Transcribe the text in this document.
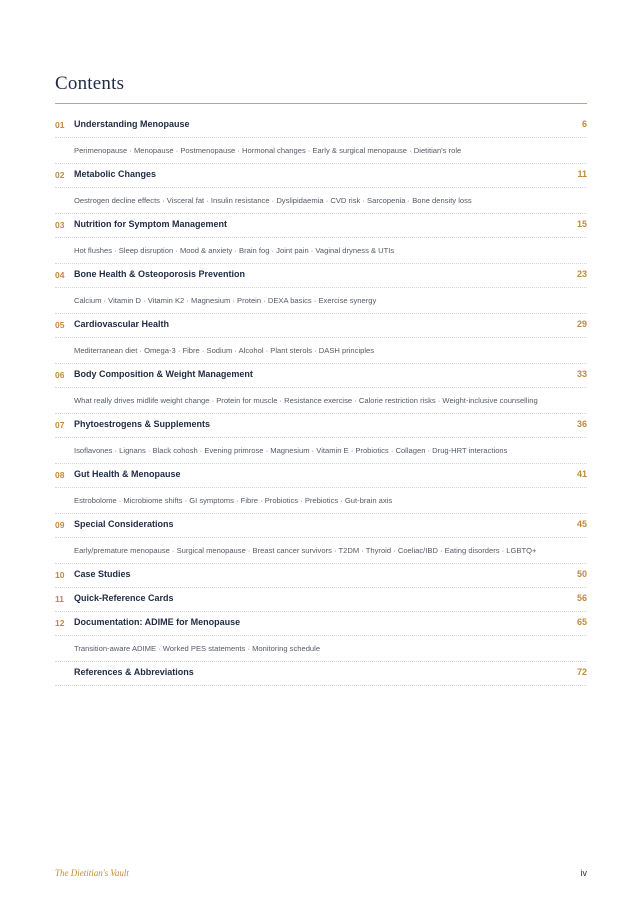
Contents
01 Understanding Menopause	6
Perimenopause · Menopause · Postmenopause · Hormonal changes · Early & surgical menopause · Dietitian's role
02 Metabolic Changes	11
Oestrogen decline effects · Visceral fat · Insulin resistance · Dyslipidaemia · CVD risk · Sarcopenia · Bone density loss
03 Nutrition for Symptom Management	15
Hot flushes · Sleep disruption · Mood & anxiety · Brain fog · Joint pain · Vaginal dryness & UTIs
04 Bone Health & Osteoporosis Prevention	23
Calcium · Vitamin D · Vitamin K2 · Magnesium · Protein · DEXA basics · Exercise synergy
05 Cardiovascular Health	29
Mediterranean diet · Omega-3 · Fibre · Sodium · Alcohol · Plant sterols · DASH principles
06 Body Composition & Weight Management	33
What really drives midlife weight change · Protein for muscle · Resistance exercise · Calorie restriction risks · Weight-inclusive counselling
07 Phytoestrogens & Supplements	36
Isoflavones · Lignans · Black cohosh · Evening primrose · Magnesium · Vitamin E · Probiotics · Collagen · Drug-HRT interactions
08 Gut Health & Menopause	41
Estrobolome · Microbiome shifts · GI symptoms · Fibre · Probiotics · Prebiotics · Gut-brain axis
09 Special Considerations	45
Early/premature menopause · Surgical menopause · Breast cancer survivors · T2DM · Thyroid · Coeliac/IBD · Eating disorders · LGBTQ+
10 Case Studies	50
11 Quick-Reference Cards	56
12 Documentation: ADIME for Menopause	65
Transition-aware ADIME · Worked PES statements · Monitoring schedule
References & Abbreviations	72
The Dietitian's Vault	iv
